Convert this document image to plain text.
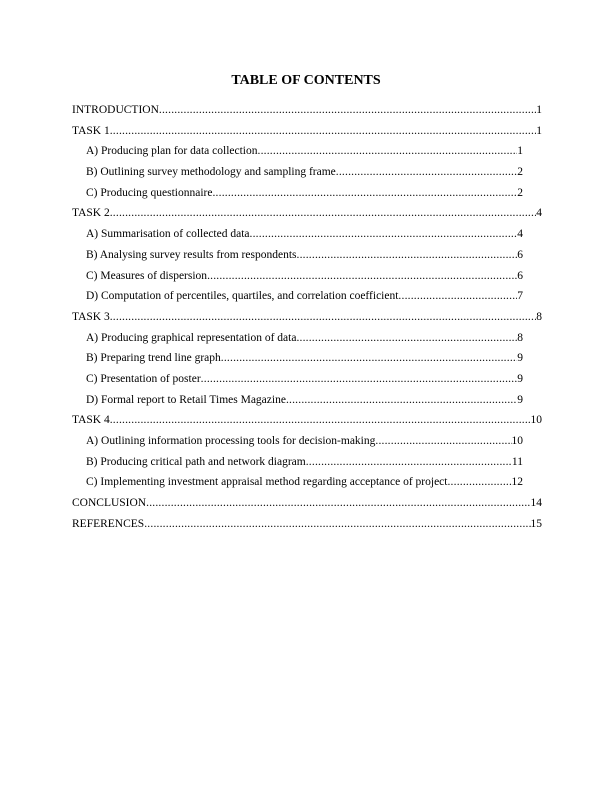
TABLE OF CONTENTS
INTRODUCTION .....	1
TASK 1 .....	1
A) Producing plan for data collection .....	1
B) Outlining survey methodology and sampling frame .....	2
C) Producing questionnaire .....	2
TASK 2 .....	4
A) Summarisation of collected data .....	4
B) Analysing survey results from respondents .....	6
C) Measures of dispersion .....	6
D) Computation of percentiles, quartiles, and correlation coefficient .....	7
TASK 3 .....	8
A) Producing graphical representation of data .....	8
B) Preparing trend line graph .....	9
C) Presentation of poster .....	9
D) Formal report to Retail Times Magazine .....	9
TASK 4 .....	10
A) Outlining information processing tools for decision-making .....	10
B) Producing critical path and network diagram .....	11
C) Implementing investment appraisal method regarding acceptance of project .....	12
CONCLUSION .....	14
REFERENCES .....	15
